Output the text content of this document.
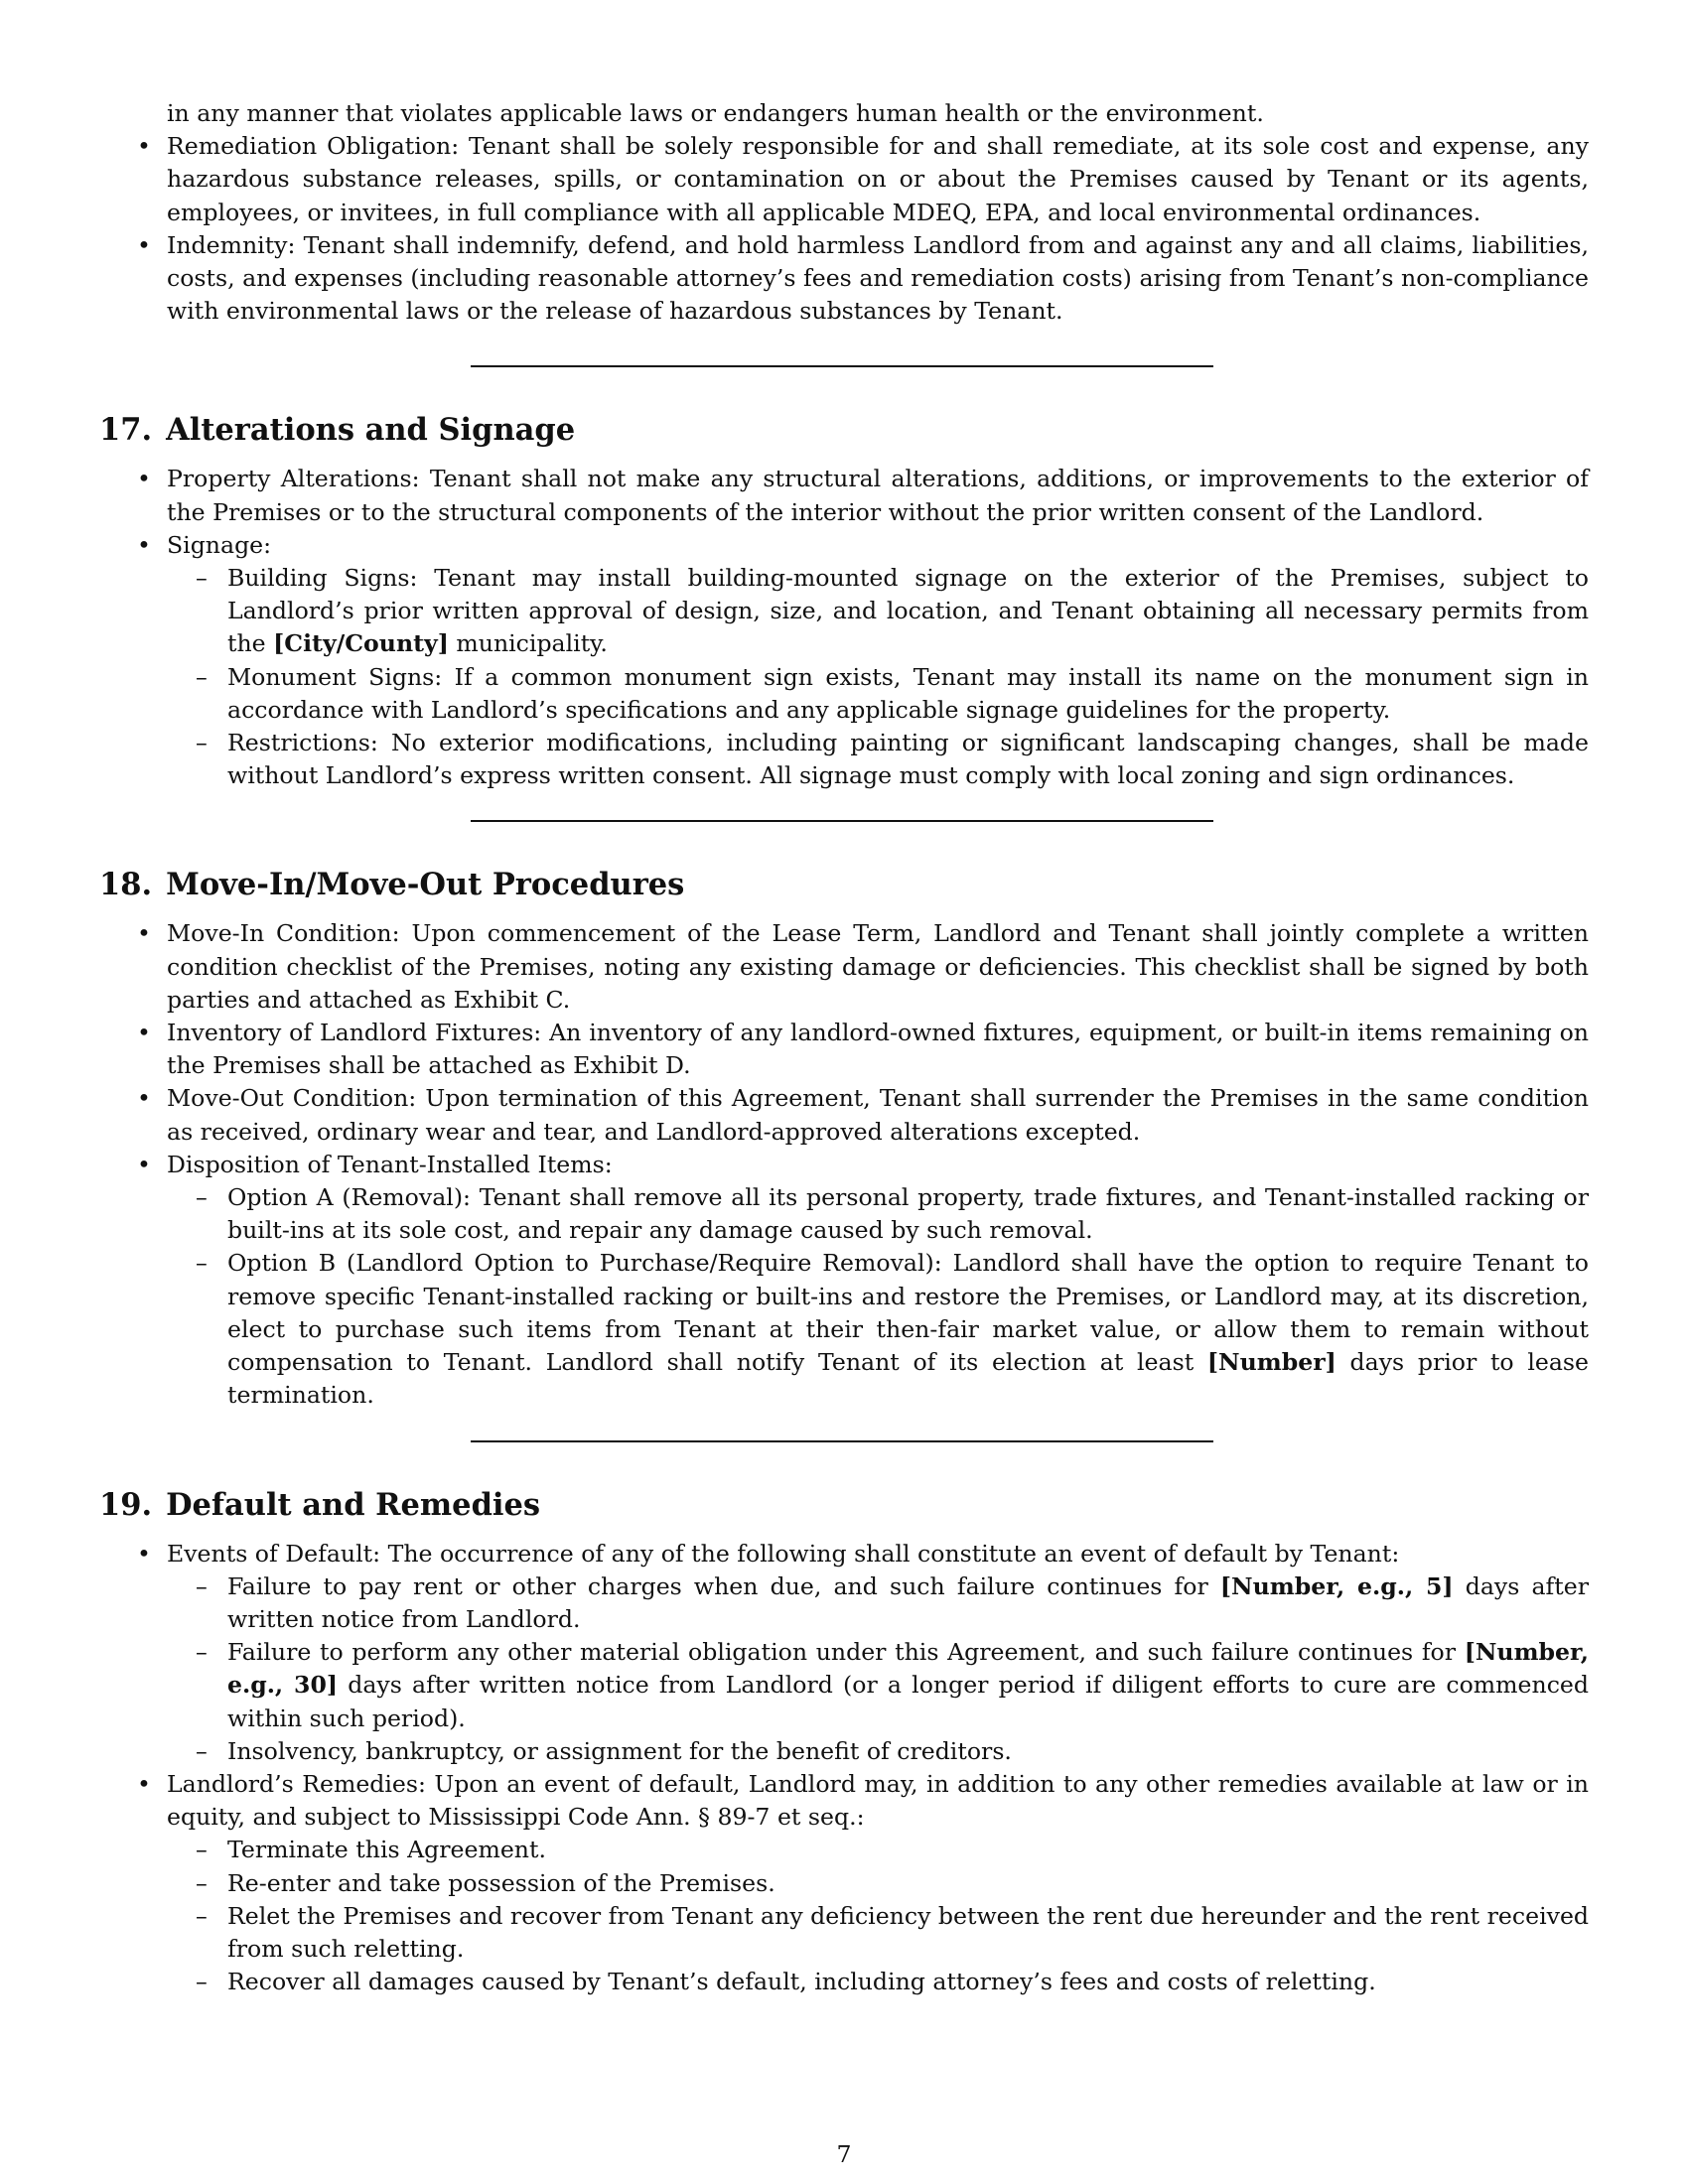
in any manner that violates applicable laws or endangers human health or the environment.
• Remediation Obligation: Tenant shall be solely responsible for and shall remediate, at its sole cost and expense, any hazardous substance releases, spills, or contamination on or about the Premises caused by Tenant or its agents, employees, or invitees, in full compliance with all applicable MDEQ, EPA, and local environmental ordinances.
• Indemnity: Tenant shall indemnify, defend, and hold harmless Landlord from and against any and all claims, liabilities, costs, and expenses (including reasonable attorney’s fees and remediation costs) arising from Tenant’s non-compliance with environmental laws or the release of hazardous substances by Tenant.
17. Alterations and Signage
• Property Alterations: Tenant shall not make any structural alterations, additions, or improvements to the exterior of the Premises or to the structural components of the interior without the prior written consent of the Landlord.
• Signage:
– Building Signs: Tenant may install building-mounted signage on the exterior of the Premises, subject to Landlord’s prior written approval of design, size, and location, and Tenant obtaining all necessary permits from the [City/County] municipality.
– Monument Signs: If a common monument sign exists, Tenant may install its name on the monument sign in accordance with Landlord’s specifications and any applicable signage guidelines for the property.
– Restrictions: No exterior modifications, including painting or significant landscaping changes, shall be made without Landlord’s express written consent. All signage must comply with local zoning and sign ordinances.
18. Move-In/Move-Out Procedures
• Move-In Condition: Upon commencement of the Lease Term, Landlord and Tenant shall jointly complete a written condition checklist of the Premises, noting any existing damage or deficiencies. This checklist shall be signed by both parties and attached as Exhibit C.
• Inventory of Landlord Fixtures: An inventory of any landlord-owned fixtures, equipment, or built-in items remaining on the Premises shall be attached as Exhibit D.
• Move-Out Condition: Upon termination of this Agreement, Tenant shall surrender the Premises in the same condition as received, ordinary wear and tear, and Landlord-approved alterations excepted.
• Disposition of Tenant-Installed Items:
– Option A (Removal): Tenant shall remove all its personal property, trade fixtures, and Tenant-installed racking or built-ins at its sole cost, and repair any damage caused by such removal.
– Option B (Landlord Option to Purchase/Require Removal): Landlord shall have the option to require Tenant to remove specific Tenant-installed racking or built-ins and restore the Premises, or Landlord may, at its discretion, elect to purchase such items from Tenant at their then-fair market value, or allow them to remain without compensation to Tenant. Landlord shall notify Tenant of its election at least [Number] days prior to lease termination.
19. Default and Remedies
• Events of Default: The occurrence of any of the following shall constitute an event of default by Tenant:
– Failure to pay rent or other charges when due, and such failure continues for [Number, e.g., 5] days after written notice from Landlord.
– Failure to perform any other material obligation under this Agreement, and such failure continues for [Number, e.g., 30] days after written notice from Landlord (or a longer period if diligent efforts to cure are commenced within such period).
– Insolvency, bankruptcy, or assignment for the benefit of creditors.
• Landlord’s Remedies: Upon an event of default, Landlord may, in addition to any other remedies available at law or in equity, and subject to Mississippi Code Ann. § 89-7 et seq.:
– Terminate this Agreement.
– Re-enter and take possession of the Premises.
– Relet the Premises and recover from Tenant any deficiency between the rent due hereunder and the rent received from such reletting.
– Recover all damages caused by Tenant’s default, including attorney’s fees and costs of reletting.
7
